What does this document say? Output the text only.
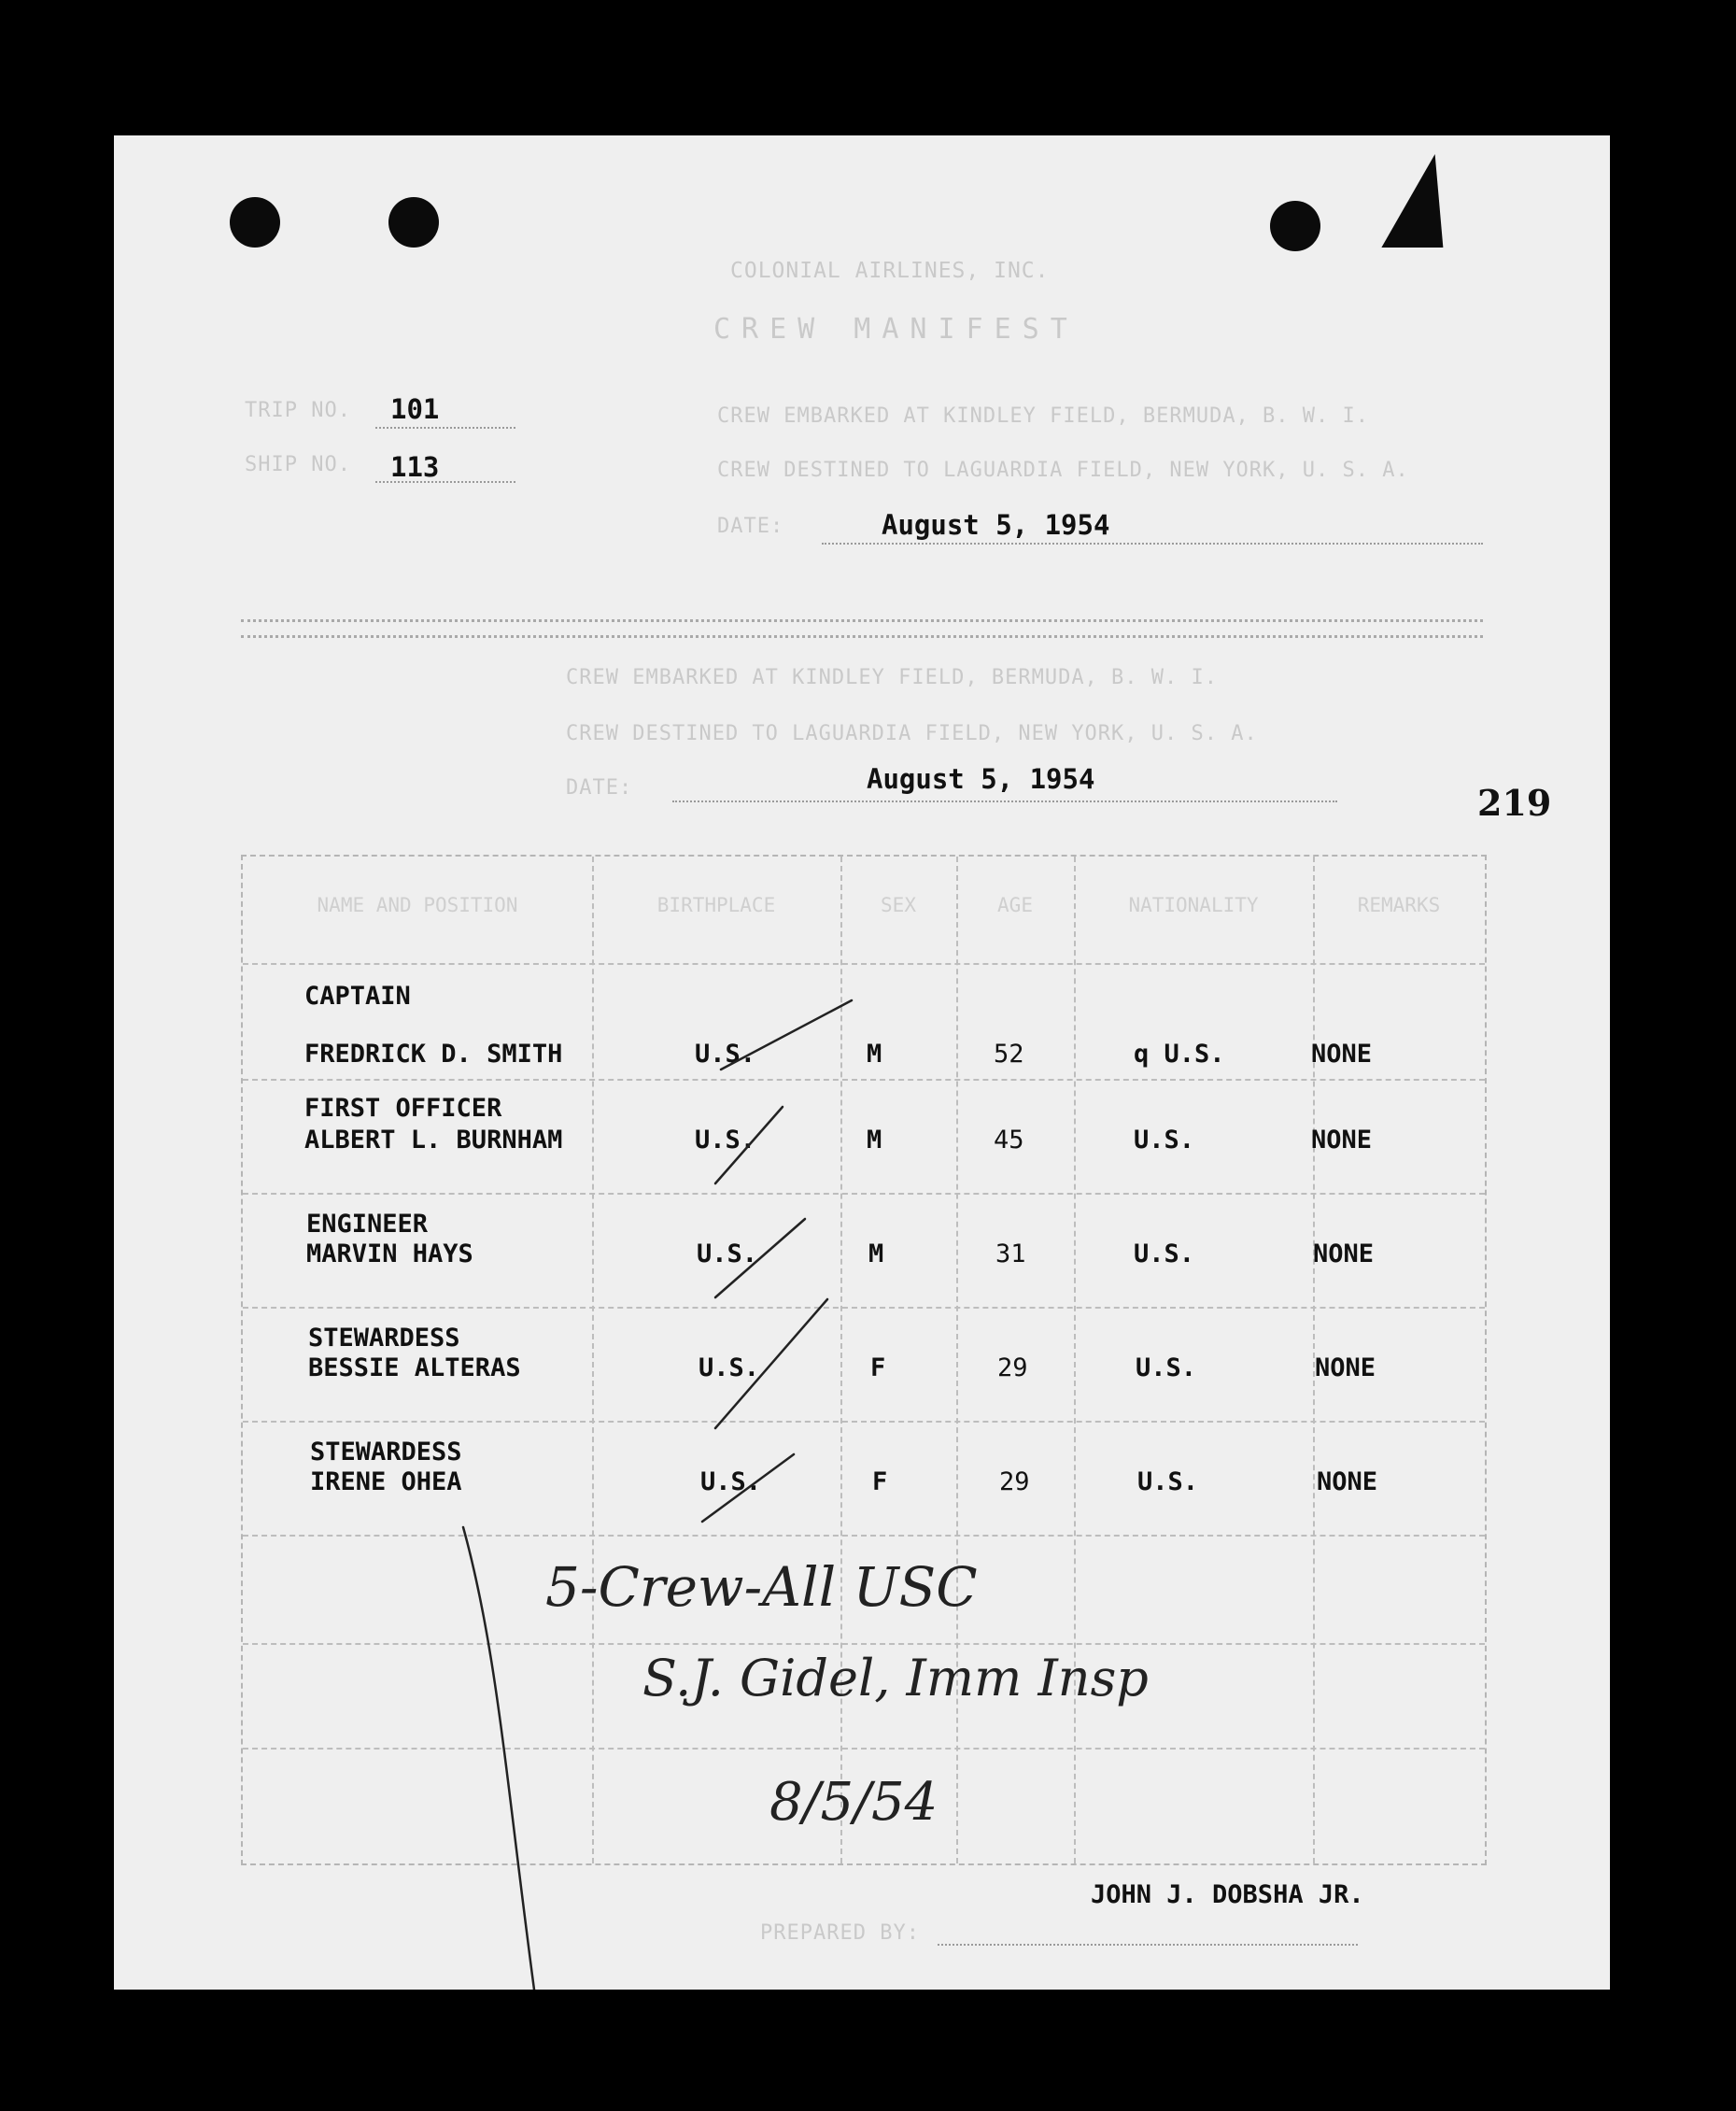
COLONIAL AIRLINES, INC.
CREW MANIFEST
TRIP NO. 101
SHIP NO. 113
CREW EMBARKED AT KINDLEY FIELD, BERMUDA, B. W. I.
CREW DESTINED TO LAGUARDIA FIELD, NEW YORK, U. S. A.
DATE:	August 5, 1954
CREW EMBARKED AT KINDLEY FIELD, BERMUDA, B. W. I.
CREW DESTINED TO LAGUARDIA FIELD, NEW YORK, U. S. A.
DATE:	August 5, 1954
219
NAME AND POSITION	BIRTHPLACE	SEX	AGE	NATIONALITY	REMARKS
CAPTAIN
FREDRICK D. SMITH	U.S.	M	52	q U.S.	NONE
FIRST OFFICER
ALBERT L. BURNHAM	U.S.	M	45	U.S.	NONE
ENGINEER
MARVIN HAYS	U.S.	M	31	U.S.	NONE
STEWARDESS
BESSIE ALTERAS	U.S.	F	29	U.S.	NONE
STEWARDESS
IRENE OHEA	U.S.	F	29	U.S.	NONE
5-Crew-All USC
S.J. Gidel, Imm Insp
8/5/54
JOHN J. DOBSHA JR.
PREPARED BY:
